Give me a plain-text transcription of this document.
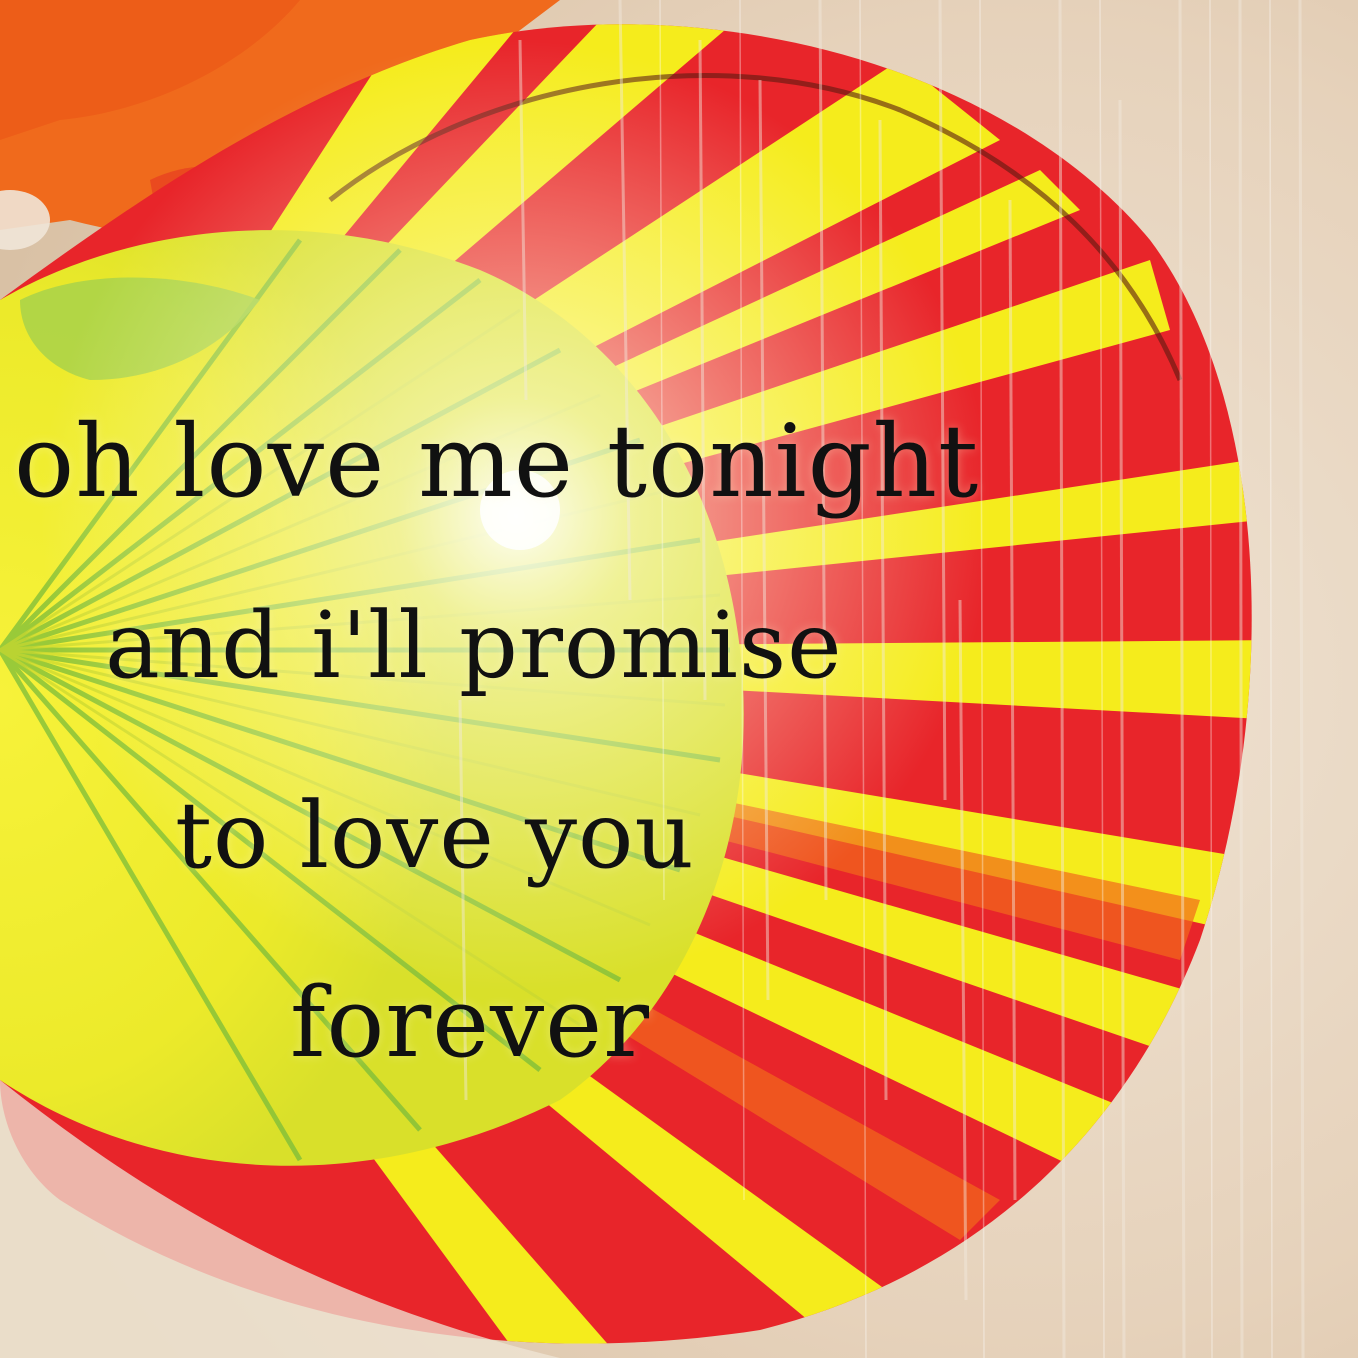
oh love me tonight
and i'll promise
to love you
forever
